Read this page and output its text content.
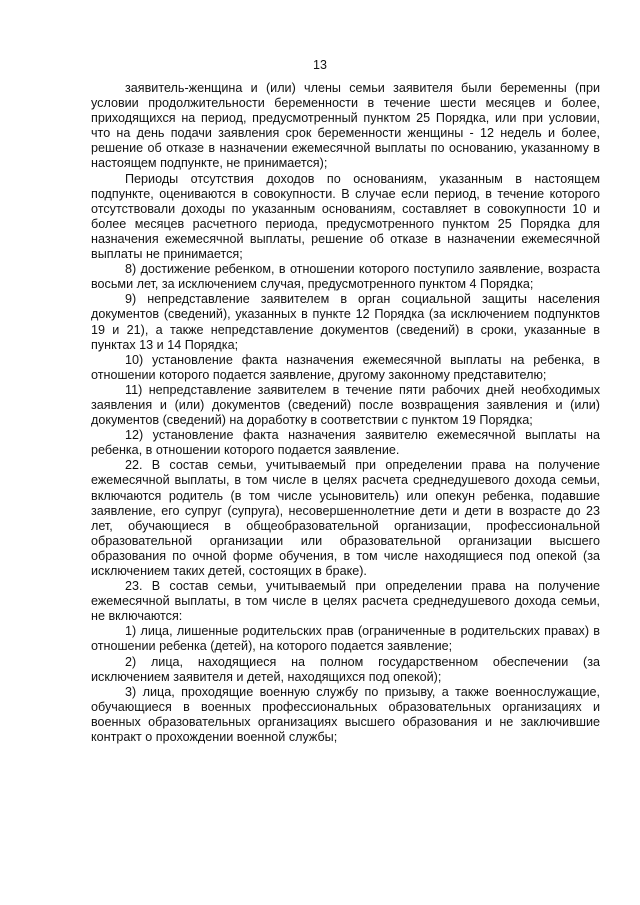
13

заявитель-женщина и (или) члены семьи заявителя были беременны (при условии продолжительности беременности в течение шести месяцев и более, приходящихся на период, предусмотренный пунктом 25 Порядка, или при условии, что на день подачи заявления срок беременности женщины - 12 недель и более, решение об отказе в назначении ежемесячной выплаты по основанию, указанному в настоящем подпункте, не принимается);

Периоды отсутствия доходов по основаниям, указанным в настоящем подпункте, оцениваются в совокупности. В случае если период, в течение которого отсутствовали доходы по указанным основаниям, составляет в совокупности 10 и более месяцев расчетного периода, предусмотренного пунктом 25 Порядка для назначения ежемесячной выплаты, решение об отказе в назначении ежемесячной выплаты не принимается;

8) достижение ребенком, в отношении которого поступило заявление, возраста восьми лет, за исключением случая, предусмотренного пунктом 4 Порядка;

9) непредставление заявителем в орган социальной защиты населения документов (сведений), указанных в пункте 12 Порядка (за исключением подпунктов 19 и 21), а также непредставление документов (сведений) в сроки, указанные в пунктах 13 и 14 Порядка;

10) установление факта назначения ежемесячной выплаты на ребенка, в отношении которого подается заявление, другому законному представителю;

11) непредставление заявителем в течение пяти рабочих дней необходимых заявления и (или) документов (сведений) после возвращения заявления и (или) документов (сведений) на доработку в соответствии с пунктом 19 Порядка;

12) установление факта назначения заявителю ежемесячной выплаты на ребенка, в отношении которого подается заявление.

22. В состав семьи, учитываемый при определении права на получение ежемесячной выплаты, в том числе в целях расчета среднедушевого дохода семьи, включаются родитель (в том числе усыновитель) или опекун ребенка, подавшие заявление, его супруг (супруга), несовершеннолетние дети и дети в возрасте до 23 лет, обучающиеся в общеобразовательной организации, профессиональной образовательной организации или образовательной организации высшего образования по очной форме обучения, в том числе находящиеся под опекой (за исключением таких детей, состоящих в браке).

23. В состав семьи, учитываемый при определении права на получение ежемесячной выплаты, в том числе в целях расчета среднедушевого дохода семьи, не включаются:

1) лица, лишенные родительских прав (ограниченные в родительских правах) в отношении ребенка (детей), на которого подается заявление;

2) лица, находящиеся на полном государственном обеспечении (за исключением заявителя и детей, находящихся под опекой);

3) лица, проходящие военную службу по призыву, а также военнослужащие, обучающиеся в военных профессиональных образовательных организациях и военных образовательных организациях высшего образования и не заключившие контракт о прохождении военной службы;
